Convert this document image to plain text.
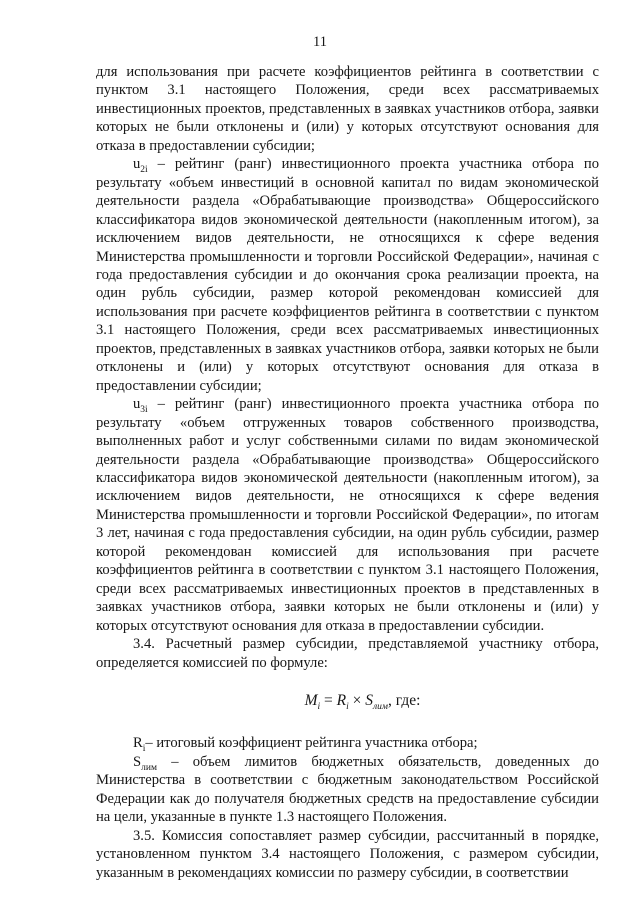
11

для использования при расчете коэффициентов рейтинга в соответствии с пунктом 3.1 настоящего Положения, среди всех рассматриваемых инвестиционных проектов, представленных в заявках участников отбора, заявки которых не были отклонены и (или) у которых отсутствуют основания для отказа в предоставлении субсидии;

$u_{2i}$ – рейтинг (ранг) инвестиционного проекта участника отбора по результату «объем инвестиций в основной капитал по видам экономической деятельности раздела «Обрабатывающие производства» Общероссийского классификатора видов экономической деятельности (накопленным итогом), за исключением видов деятельности, не относящихся к сфере ведения Министерства промышленности и торговли Российской Федерации», начиная с года предоставления субсидии и до окончания срока реализации проекта, на один рубль субсидии, размер которой рекомендован комиссией для использования при расчете коэффициентов рейтинга в соответствии с пунктом 3.1 настоящего Положения, среди всех рассматриваемых инвестиционных проектов, представленных в заявках участников отбора, заявки которых не были отклонены и (или) у которых отсутствуют основания для отказа в предоставлении субсидии;

$u_{3i}$ – рейтинг (ранг) инвестиционного проекта участника отбора по результату «объем отгруженных товаров собственного производства, выполненных работ и услуг собственными силами по видам экономической деятельности раздела «Обрабатывающие производства» Общероссийского классификатора видов экономической деятельности (накопленным итогом), за исключением видов деятельности, не относящихся к сфере ведения Министерства промышленности и торговли Российской Федерации», по итогам 3 лет, начиная с года предоставления субсидии, на один рубль субсидии, размер которой рекомендован комиссией для использования при расчете коэффициентов рейтинга в соответствии с пунктом 3.1 настоящего Положения, среди всех рассматриваемых инвестиционных проектов в представленных в заявках участников отбора, заявки которых не были отклонены и (или) у которых отсутствуют основания для отказа в предоставлении субсидии.

3.4. Расчетный размер субсидии, представляемой участнику отбора, определяется комиссией по формуле:

$M_i = R_i \times S_{лим}$, где:

$R_i-$ итоговый коэффициент рейтинга участника отбора;

$S_{лим}$ – объем лимитов бюджетных обязательств, доведенных до Министерства в соответствии с бюджетным законодательством Российской Федерации как до получателя бюджетных средств на предоставление субсидии на цели, указанные в пункте 1.3 настоящего Положения.

3.5. Комиссия сопоставляет размер субсидии, рассчитанный в порядке, установленном пунктом 3.4 настоящего Положения, с размером субсидии, указанным в рекомендациях комиссии по размеру субсидии, в соответствии
